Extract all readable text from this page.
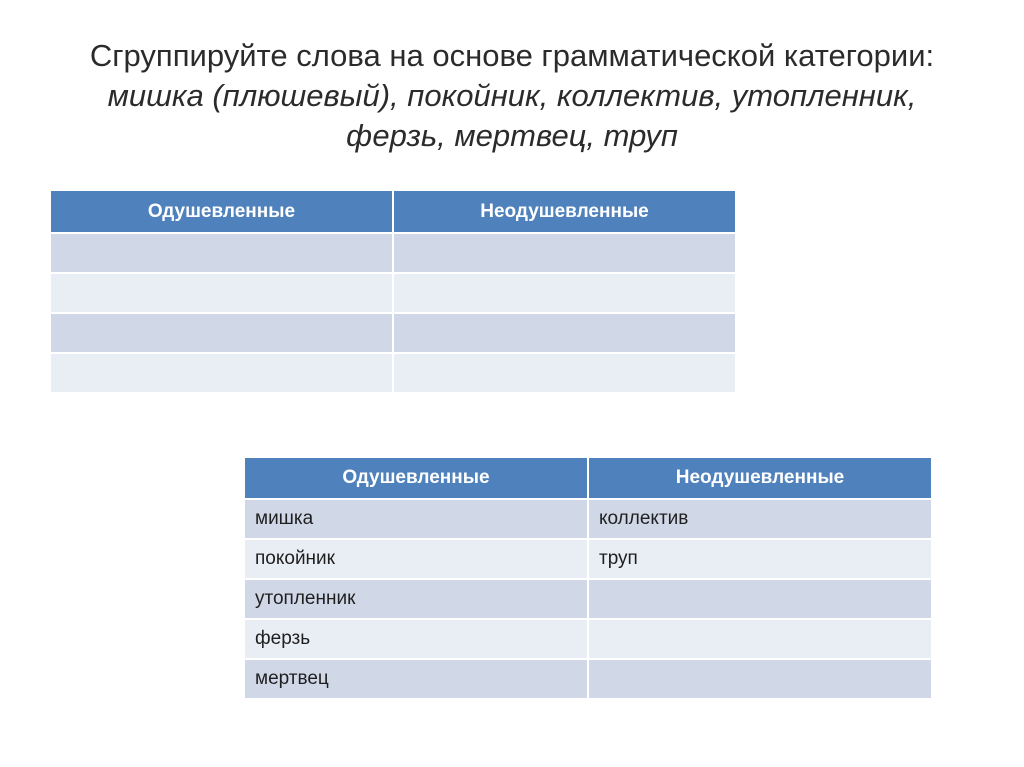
Сгруппируйте слова на основе грамматической категории:
мишка (плюшевый), покойник, коллектив, утопленник,
ферзь, мертвец, труп
Одушевленные	Неодушевленные

Одушевленные	Неодушевленные
мишка	коллектив
покойник	труп
утопленник	
ферзь	
мертвец	
